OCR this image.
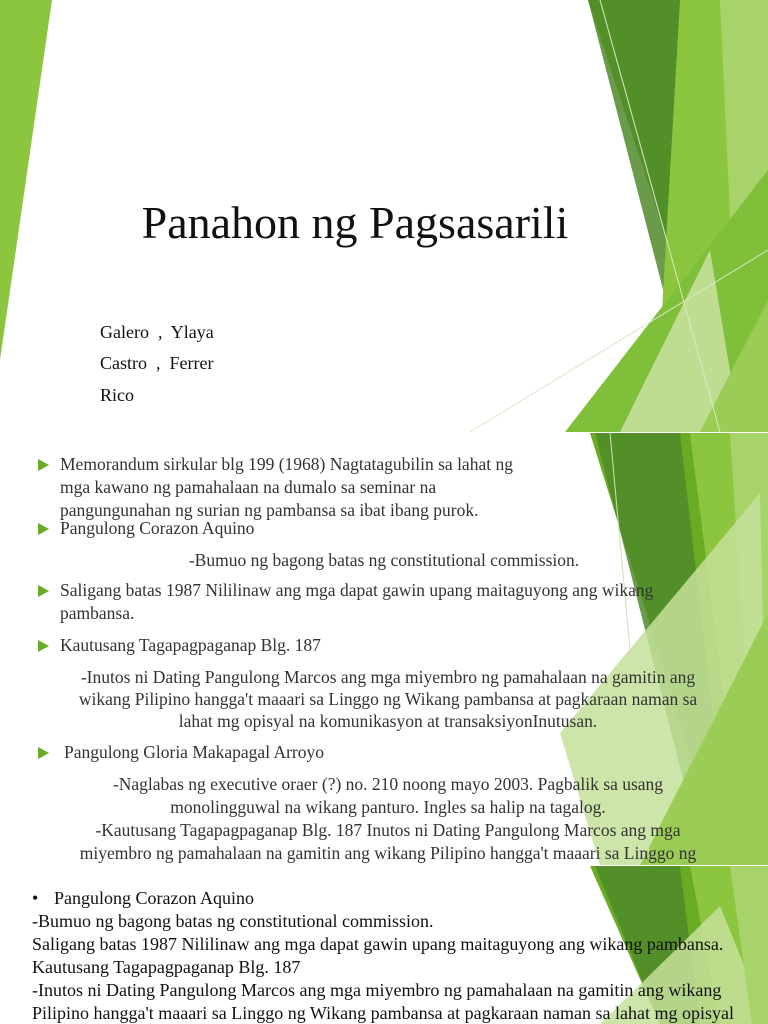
Panahon ng Pagsasarili
Galero  ,  Ylaya
Castro  ,  Ferrer
Rico
Memorandum sirkular blg 199 (1968) Nagtatagubilin sa lahat ng
mga kawano ng pamahalaan na dumalo sa seminar na
pangungunahan ng surian ng pambansa sa ibat ibang purok.
Pangulong Corazon Aquino
-Bumuo ng bagong batas ng constitutional commission.
Saligang batas 1987 Nililinaw ang mga dapat gawin upang maitaguyong ang wikang
pambansa.
Kautusang Tagapagpaganap Blg. 187
-Inutos ni Dating Pangulong Marcos ang mga miyembro ng pamahalaan na gamitin ang
wikang Pilipino hangga't maaari sa Linggo ng Wikang pambansa at pagkaraan naman sa
lahat mg opisyal na komunikasyon at transaksiyonInutusan.
Pangulong Gloria Makapagal Arroyo
-Naglabas ng executive oraer (?) no. 210 noong mayo 2003. Pagbalik sa usang
monolingguwal na wikang panturo. Ingles sa halip na tagalog.
-Kautusang Tagapagpaganap Blg. 187 Inutos ni Dating Pangulong Marcos ang mga
miyembro ng pamahalaan na gamitin ang wikang Pilipino hangga't maaari sa Linggo ng
• Pangulong Corazon Aquino
-Bumuo ng bagong batas ng constitutional commission.
Saligang batas 1987 Nililinaw ang mga dapat gawin upang maitaguyong ang wikang pambansa.
Kautusang Tagapagpaganap Blg. 187
-Inutos ni Dating Pangulong Marcos ang mga miyembro ng pamahalaan na gamitin ang wikang
Pilipino hangga't maaari sa Linggo ng Wikang pambansa at pagkaraan naman sa lahat mg opisyal
